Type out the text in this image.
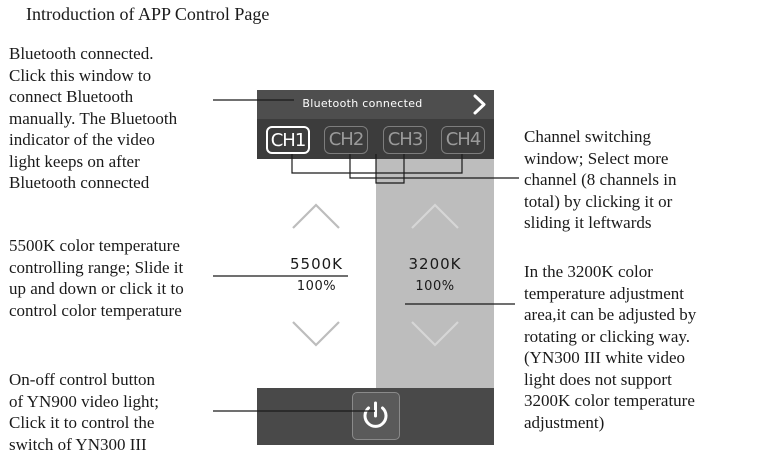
Introduction of APP Control Page
Bluetooth connected.
Click this window to
connect Bluetooth
manually. The Bluetooth
indicator of the video
light keeps on after
Bluetooth connected
5500K color temperature
controlling range; Slide it
up and down or click it to
control color temperature
On-off control button
of YN900 video light;
Click it to control the
switch of YN300 III
Channel switching
window; Select more
channel (8 channels in
total) by clicking it or
sliding it leftwards
In the 3200K color
temperature adjustment
area,it can be adjusted by
rotating or clicking way.
(YN300 III white video
light does not support
3200K color temperature
adjustment)
Bluetooth connected
CH1 CH2 CH3 CH4
5500K
100%
3200K
100%
